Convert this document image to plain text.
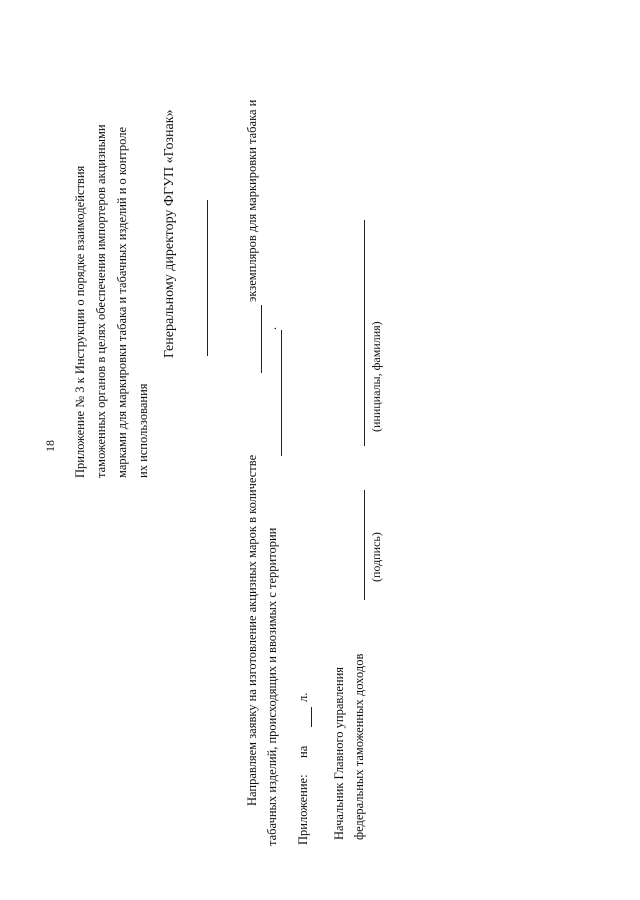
18 Приложение № 3 к Инструкции о порядке взаимодействия таможенных органов в целях обеспечения импортеров акцизными марками для маркировки табака и табачных изделий и о контроле их использования
Генеральному директору ФГУП «Гознак»
Направляем заявку на изготовление акцизных марок в количестве
экземпляров для маркировки табака и
табачных изделий, происходящих и ввозимых с территории
.
Приложение:
на
л. Начальник Главного управления федеральных таможенных доходов
(подпись)
(инициалы, фамилия)
